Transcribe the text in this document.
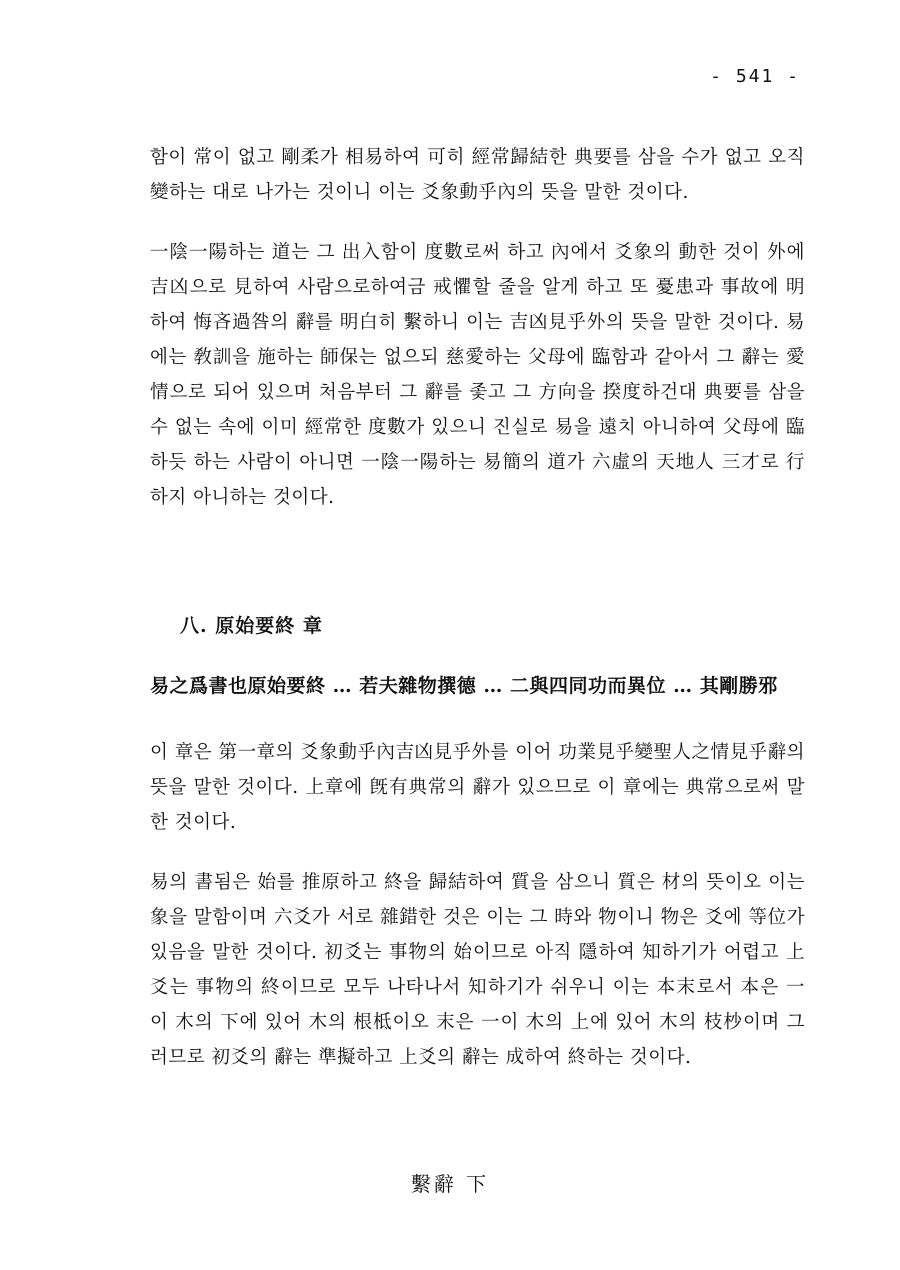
- 541 -

함이 常이 없고 剛柔가 相易하여 可히 經常歸結한 典要를 삼을 수가 없고 오직 變하는 대로 나가는 것이니 이는 爻象動乎內의 뜻을 말한 것이다.

一陰一陽하는 道는 그 出入함이 度數로써 하고 內에서 爻象의 動한 것이 外에 吉凶으로 見하여 사람으로하여금 戒懼할 줄을 알게 하고 또 憂患과 事故에 明하여 悔吝過咎의 辭를 明白히 繫하니 이는 吉凶見乎外의 뜻을 말한 것이다. 易에는 敎訓을 施하는 師保는 없으되 慈愛하는 父母에 臨함과 같아서 그 辭는 愛情으로 되어 있으며 처음부터 그 辭를 좇고 그 方向을 揆度하건대 典要를 삼을 수 없는 속에 이미 經常한 度數가 있으니 진실로 易을 遠치 아니하여 父母에 臨하듯 하는 사람이 아니면 一陰一陽하는 易簡의 道가 六虛의 天地人 三才로 行하지 아니하는 것이다.

八. 原始要終 章

易之爲書也原始要終 … 若夫雜物撰德 … 二與四同功而異位 … 其剛勝邪

이 章은 第一章의 爻象動乎內吉凶見乎外를 이어 功業見乎變聖人之情見乎辭의 뜻을 말한 것이다. 上章에 旣有典常의 辭가 있으므로 이 章에는 典常으로써 말한 것이다.

易의 書됨은 始를 推原하고 終을 歸結하여 質을 삼으니 質은 材의 뜻이오 이는 象을 말함이며 六爻가 서로 雜錯한 것은 이는 그 時와 物이니 物은 爻에 等位가 있음을 말한 것이다. 初爻는 事物의 始이므로 아직 隱하여 知하기가 어렵고 上爻는 事物의 終이므로 모두 나타나서 知하기가 쉬우니 이는 本末로서 本은 一이 木의 下에 있어 木의 根柢이오 末은 一이 木의 上에 있어 木의 枝杪이며 그러므로 初爻의 辭는 準擬하고 上爻의 辭는 成하여 終하는 것이다.

繫辭 下
